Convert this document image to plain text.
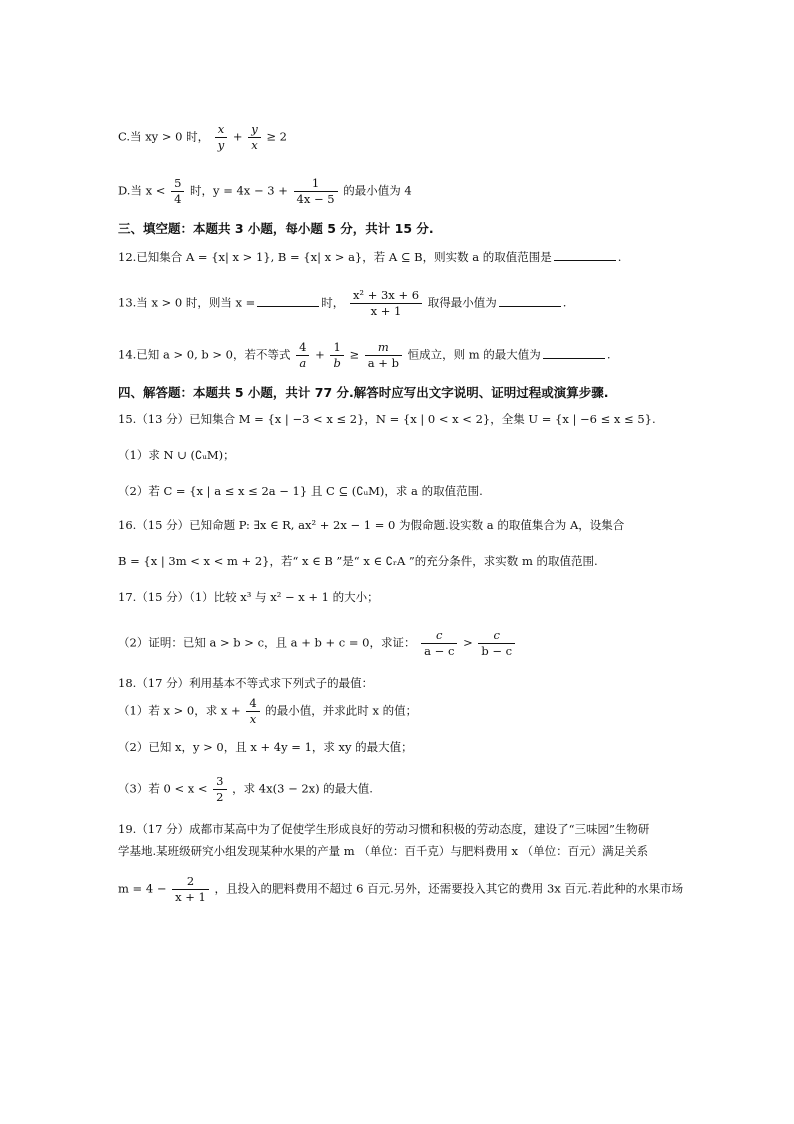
C.当 xy > 0 时， $\frac{x}{y} + \frac{y}{x} \ge 2$
D.当 $x < \frac{5}{4}$ 时，$y = 4x - 3 + \frac{1}{4x - 5}$ 的最小值为 4
三、填空题：本题共 3 小题，每小题 5 分，共计 15 分.
12.已知集合 A = {x| x > 1}, B = {x| x > a}，若 A ⊆ B，则实数 a 的取值范围是	.
13.当 x > 0 时，则当 x =	时， $\frac{\text{x² + 3x + 6}}{x + 1}$ 取得最小值为	.
14.已知 a > 0, b > 0，若不等式 $\frac{4}{a} + \frac{1}{b} \ge \frac{m}{a + b}$ 恒成立，则 m 的最大值为	.
四、解答题：本题共 5 小题，共计 77 分.解答时应写出文字说明、证明过程或演算步骤.
15.（13 分）已知集合 M = {x | −3 < x ≤ 2}，N = {x | 0 < x < 2}，全集 U = {x | −6 ≤ x ≤ 5}.
（1）求 N ∪ (∁ᵤM)；
（2）若 C = {x | a ≤ x ≤ 2a − 1} 且 C ⊆ (∁ᵤM)，求 a 的取值范围.
16.（15 分）已知命题 P: ∃x ∈ R, ax² + 2x − 1 = 0 为假命题.设实数 a 的取值集合为 A，设集合
B = {x | 3m < x < m + 2}，若“ x ∈ B ”是“ x ∈ ∁ᵣA ”的充分条件，求实数 m 的取值范围.
17.（15 分）（1）比较 x³ 与 x² − x + 1 的大小；
（2）证明：已知 a > b > c，且 a + b + c = 0，求证： $\frac{c}{a - c} > \frac{c}{b - c}$
18.（17 分）利用基本不等式求下列式子的最值：
（1）若 x > 0，求 $x + \frac{4}{x}$ 的最小值，并求此时 x 的值；
（2）已知 x，y > 0，且 x + 4y = 1，求 xy 的最大值；
（3）若 $0 < x < \frac{3}{2}$ ，求 4x(3 − 2x) 的最大值.
19.（17 分）成都市某高中为了促使学生形成良好的劳动习惯和积极的劳动态度，建设了“三味园”生物研
学基地.某班级研究小组发现某种水果的产量 m （单位：百千克）与肥料费用 x （单位：百元）满足关系
$m = 4 - \frac{2}{x + 1}$ ，且投入的肥料费用不超过 6 百元.另外，还需要投入其它的费用 3x 百元.若此种的水果市场
